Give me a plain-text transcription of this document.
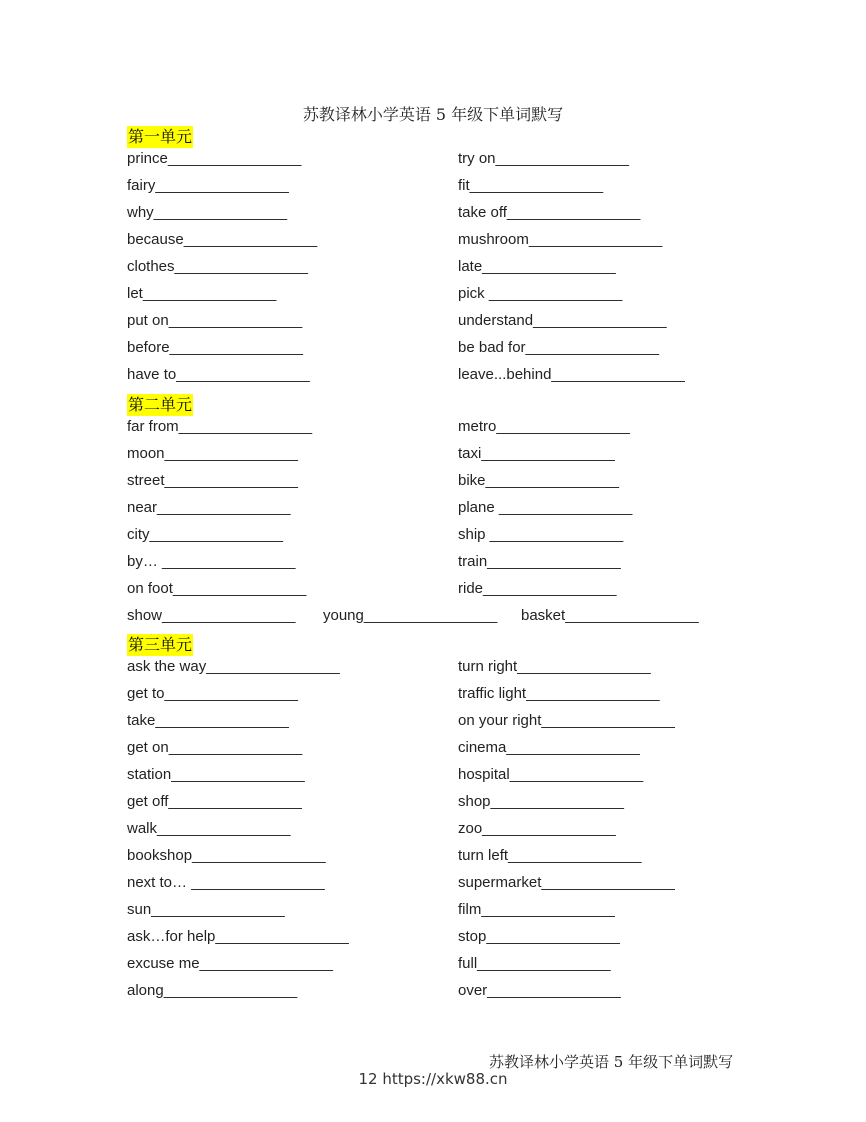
苏教译林小学英语 5 年级下单词默写
第一单元
prince________________	try on________________
fairy________________	fit________________
why________________	take off________________
because________________	mushroom________________
clothes________________	late________________
let________________	pick ________________
put on________________	understand________________
before________________	be bad for________________
have to________________	leave...behind________________
第二单元
far from________________	metro________________
moon________________	taxi________________
street________________	bike________________
near________________	plane ________________
city________________	ship ________________
by… ________________	train________________
on foot________________	ride________________
show________________ young________________ basket________________
第三单元
ask the way________________	turn right________________
get to________________	traffic light________________
take________________	on your right________________
get on________________	cinema________________
station________________	hospital________________
get off________________	shop________________
walk________________	zoo________________
bookshop________________	turn left________________
next to… ________________	supermarket________________
sun________________	film________________
ask…for help________________	stop________________
excuse me________________	full________________
along________________	over________________
苏教译林小学英语 5 年级下单词默写
12 https://xkw88.cn
